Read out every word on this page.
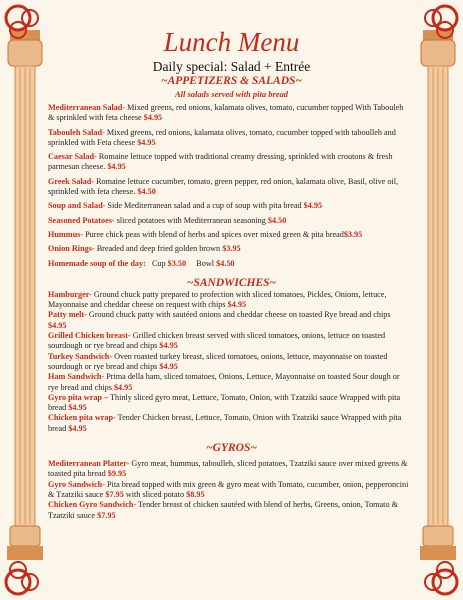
Lunch Menu
Daily special: Salad + Entrée
~APPETIZERS & SALADS~
All salads served with pita bread
Mediterranean Salad- Mixed greens, red onions, kalamata olives, tomato, cucumber topped With Tabouleh & sprinkled with feta cheese $4.95
Tabouleh Salad- Mixed greens, red onions, kalamata olives, tomato, cucumber topped with taboulleh and sprinkled with Feta cheese $4.95
Caesar Salad- Romaine lettuce topped with traditional creamy dressing, sprinkled with croutons & fresh parmesan cheese. $4.95
Greek Salad- Romaine lettuce cucumber, tomato, green pepper, red onion, kalamata olive, Basil, olive oil, sprinkled with feta cheese. $4.50
Soup and Salad- Side Mediterranean salad and a cup of soup with pita bread $4.95
Seasoned Potatoes- sliced potatoes with Mediterranean seasoning $4.50
Hummus- Puree chick peas with blend of herbs and spices over mixed green & pita bread$3.95
Onion Rings- Breaded and deep fried golden brown $3.95
Homemade soup of the day: Cup $3.50 Bowl $4.50
~SANDWICHES~
Hamburger- Ground chuck patty prepared to profection with sliced tomatoes, Pickles, Onions, lettuce, Mayonnaise and cheddar cheese on request with chips $4.95
Patty melt- Ground chuck patty with sautéed onions and cheddar cheese on toasted Rye bread and chips $4.95
Grilled Chicken breast- Grilled chicken breast served with sliced tomatoes, onions, lettuce on toasted sourdough or rye bread and chips $4.95
Turkey Sandwich- Oven roasted turkey breast, sliced tomatoes, onions, lettuce, mayonnaise on toasted sourdough or rye bread and chips $4.95
Ham Sandwich- Prima della ham, sliced tomatoes, Onions, Lettuce, Mayonnaise on toasted Sour dough or rye bread and chips $4.95
Gyro pita wrap – Thinly sliced gyro meat, Lettuce, Tomato, Onion, with Tzatziki sauce Wrapped with pita bread $4.95
Chicken pita wrap- Tender Chicken breast, Lettuce, Tomato, Onion with Tzatziki sauce Wrapped with pita bread $4.95
~GYROS~
Mediterranean Platter- Gyro meat, hummus, taboulleh, sliced potatoes, Tzatziki sauce over mixed greens & toasted pita bread $9.95
Gyro Sandwich- Pita bread topped with mix green & gyro meat with Tomato, cucumber, onion, pepperoncini & Tzatziki sauce $7.95 with sliced potato $8.95
Chicken Gyro Sandwich- Tender breast of chicken sautéed with blend of herbs, Greens, onion, Tomato & Tzatziki sauce $7.95
